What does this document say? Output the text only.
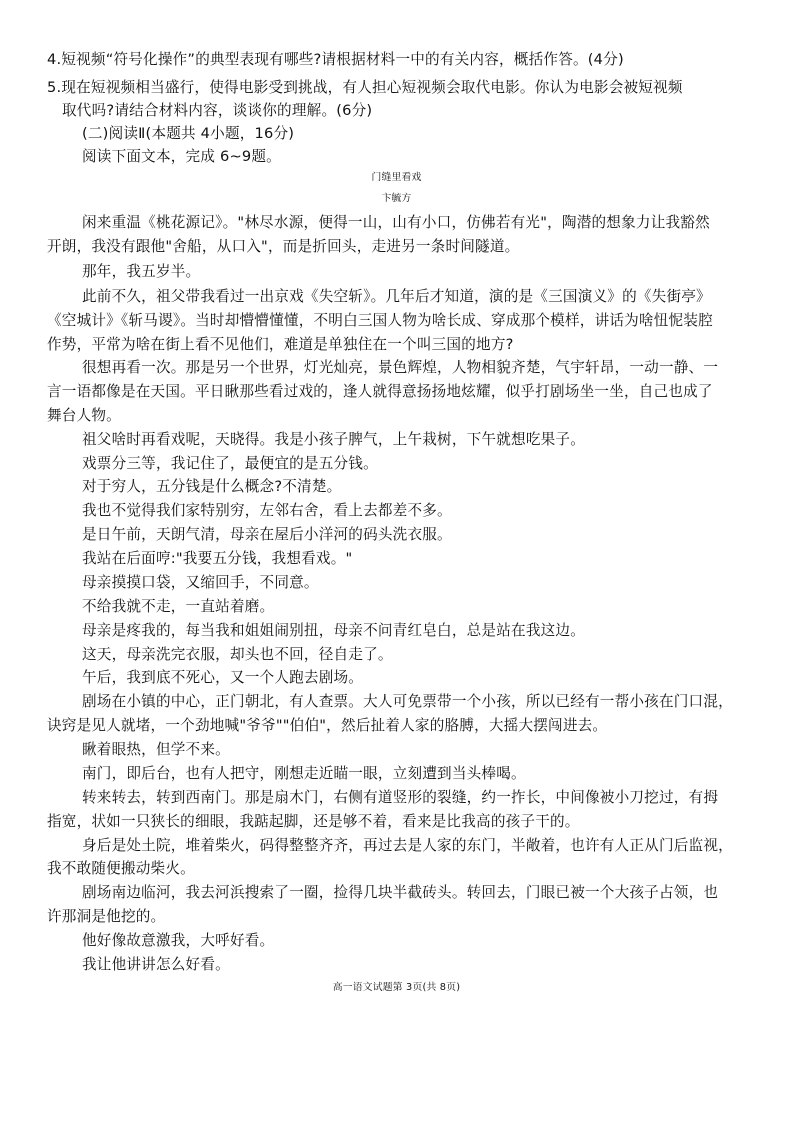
4.短视频“符号化操作”的典型表现有哪些?请根据材料一中的有关内容，概括作答。(4分)
5.现在短视频相当盛行，使得电影受到挑战，有人担心短视频会取代电影。你认为电影会被短视频
取代吗?请结合材料内容，谈谈你的理解。(6分)
(二)阅读Ⅱ(本题共 4小题，16分)
阅读下面文本，完成 6~9题。
门缝里看戏
卞毓方
闲来重温《桃花源记》。"林尽水源，便得一山，山有小口，仿佛若有光"，陶潜的想象力让我豁然
开朗，我没有跟他"舍船，从口入"，而是折回头，走进另一条时间隧道。
那年，我五岁半。
此前不久，祖父带我看过一出京戏《失空斩》。几年后才知道，演的是《三国演义》的《失街亭》
《空城计》《斩马谡》。当时却懵懵懂懂，不明白三国人物为啥长成、穿成那个模样，讲话为啥忸怩装腔
作势，平常为啥在街上看不见他们，难道是单独住在一个叫三国的地方?
很想再看一次。那是另一个世界，灯光灿亮，景色辉煌，人物相貌齐楚，气宇轩昂，一动一静、一
言一语都像是在天国。平日瞅那些看过戏的，逢人就得意扬扬地炫耀，似乎打剧场坐一坐，自己也成了
舞台人物。
祖父啥时再看戏呢，天晓得。我是小孩子脾气，上午栽树，下午就想吃果子。
戏票分三等，我记住了，最便宜的是五分钱。
对于穷人，五分钱是什么概念?不清楚。
我也不觉得我们家特别穷，左邻右舍，看上去都差不多。
是日午前，天朗气清，母亲在屋后小洋河的码头洗衣服。
我站在后面哼:"我要五分钱，我想看戏。"
母亲摸摸口袋，又缩回手，不同意。
不给我就不走，一直站着磨。
母亲是疼我的，每当我和姐姐闹别扭，母亲不问青红皂白，总是站在我这边。
这天，母亲洗完衣服，却头也不回，径自走了。
午后，我到底不死心，又一个人跑去剧场。
剧场在小镇的中心，正门朝北，有人查票。大人可免票带一个小孩，所以已经有一帮小孩在门口混，
诀窍是见人就堵，一个劲地喊"爷爷""伯伯"，然后扯着人家的胳膊，大摇大摆闯进去。
瞅着眼热，但学不来。
南门，即后台，也有人把守，刚想走近瞄一眼，立刻遭到当头棒喝。
转来转去，转到西南门。那是扇木门，右侧有道竖形的裂缝，约一拃长，中间像被小刀挖过，有拇
指宽，状如一只狭长的细眼，我踮起脚，还是够不着，看来是比我高的孩子干的。
身后是处土院，堆着柴火，码得整整齐齐，再过去是人家的东门，半敞着，也许有人正从门后监视，
我不敢随便搬动柴火。
剧场南边临河，我去河浜搜索了一圈，捡得几块半截砖头。转回去，门眼已被一个大孩子占领，也
许那洞是他挖的。
他好像故意激我，大呼好看。
我让他讲讲怎么好看。
高一语文试题第 3页(共 8页)
